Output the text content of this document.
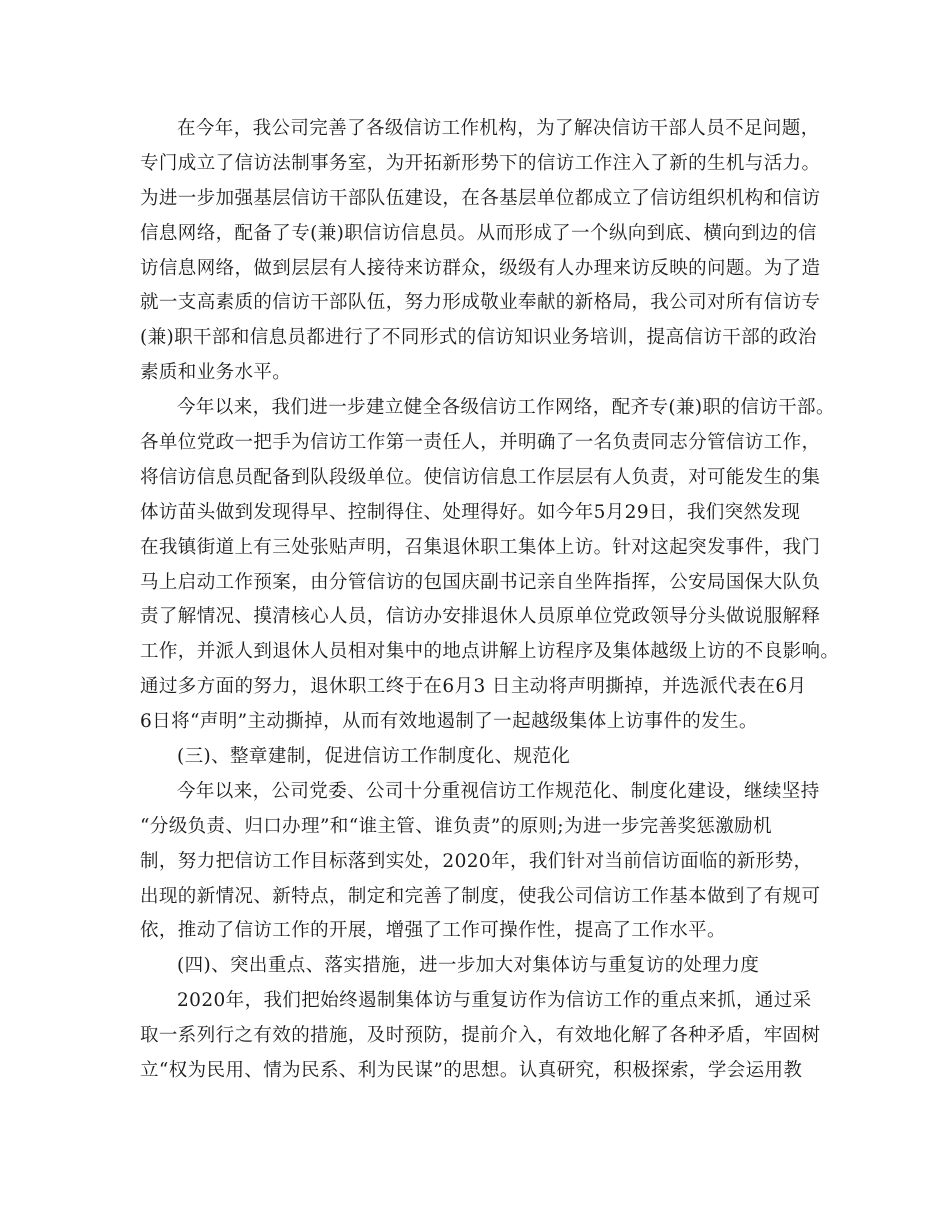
在今年，我公司完善了各级信访工作机构，为了解决信访干部人员不足问题，
专门成立了信访法制事务室，为开拓新形势下的信访工作注入了新的生机与活力。
为进一步加强基层信访干部队伍建设，在各基层单位都成立了信访组织机构和信访
信息网络，配备了专(兼)职信访信息员。从而形成了一个纵向到底、横向到边的信
访信息网络，做到层层有人接待来访群众，级级有人办理来访反映的问题。为了造
就一支高素质的信访干部队伍，努力形成敬业奉献的新格局，我公司对所有信访专
(兼)职干部和信息员都进行了不同形式的信访知识业务培训，提高信访干部的政治
素质和业务水平。
今年以来，我们进一步建立健全各级信访工作网络，配齐专(兼)职的信访干部。
各单位党政一把手为信访工作第一责任人，并明确了一名负责同志分管信访工作，
将信访信息员配备到队段级单位。使信访信息工作层层有人负责，对可能发生的集
体访苗头做到发现得早、控制得住、处理得好。如今年5月29日，我们突然发现
在我镇街道上有三处张贴声明，召集退休职工集体上访。针对这起突发事件，我门
马上启动工作预案，由分管信访的包国庆副书记亲自坐阵指挥，公安局国保大队负
责了解情况、摸清核心人员，信访办安排退休人员原单位党政领导分头做说服解释
工作，并派人到退休人员相对集中的地点讲解上访程序及集体越级上访的不良影响。
通过多方面的努力，退休职工终于在6月3 日主动将声明撕掉，并选派代表在6月
6日将“声明”主动撕掉，从而有效地遏制了一起越级集体上访事件的发生。
(三)、整章建制，促进信访工作制度化、规范化
今年以来，公司党委、公司十分重视信访工作规范化、制度化建设，继续坚持
“分级负责、归口办理”和“谁主管、谁负责”的原则;为进一步完善奖惩激励机
制，努力把信访工作目标落到实处，2020年，我们针对当前信访面临的新形势，
出现的新情况、新特点，制定和完善了制度，使我公司信访工作基本做到了有规可
依，推动了信访工作的开展，增强了工作可操作性，提高了工作水平。
(四)、突出重点、落实措施，进一步加大对集体访与重复访的处理力度
2020年，我们把始终遏制集体访与重复访作为信访工作的重点来抓，通过采
取一系列行之有效的措施，及时预防，提前介入，有效地化解了各种矛盾，牢固树
立“权为民用、情为民系、利为民谋”的思想。认真研究，积极探索，学会运用教
